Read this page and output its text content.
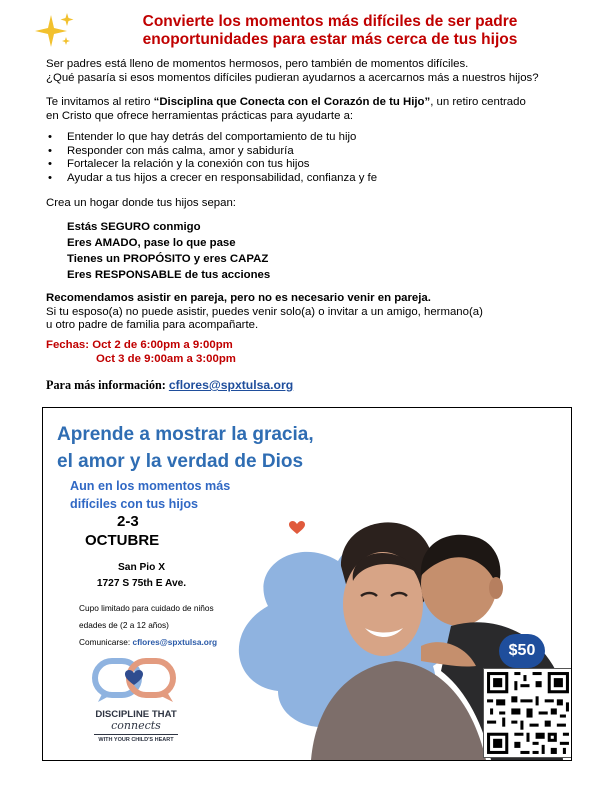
Convierte los momentos más difíciles de ser padre
enoportunidades para estar más cerca de tus hijos
Ser padres está lleno de momentos hermosos, pero también de momentos difíciles.
¿Qué pasaría si esos momentos difíciles pudieran ayudarnos a acercarnos más a nuestros hijos?
Te invitamos al retiro “Disciplina que Conecta con el Corazón de tu Hijo”, un retiro centrado
en Cristo que ofrece herramientas prácticas para ayudarte a:
• Entender lo que hay detrás del comportamiento de tu hijo
• Responder con más calma, amor y sabiduría
• Fortalecer la relación y la conexión con tus hijos
• Ayudar a tus hijos a crecer en responsabilidad, confianza y fe
Crea un hogar donde tus hijos sepan:
Estás SEGURO conmigo
Eres AMADO, pase lo que pase
Tienes un PROPÓSITO y eres CAPAZ
Eres RESPONSABLE de tus acciones
Recomendamos asistir en pareja, pero no es necesario venir en pareja.
Si tu esposo(a) no puede asistir, puedes venir solo(a) o invitar a un amigo, hermano(a)
u otro padre de familia para acompañarte.
Fechas: Oct 2 de 6:00pm a 9:00pm
Oct 3 de 9:00am a 3:00pm
Para más información: cflores@spxtulsa.org
Aprende a mostrar la gracia,
el amor y la verdad de Dios
Aun en los momentos más
difíciles con tus hijos
2-3
OCTUBRE
San Pio X
1727 S 75th E Ave.
Cupo limitado para cuidado de niños
edades de (2 a 12 años)
Comunicarse: cflores@spxtulsa.org
DISCIPLINE THAT
connects
WITH YOUR CHILD'S HEART
$50
